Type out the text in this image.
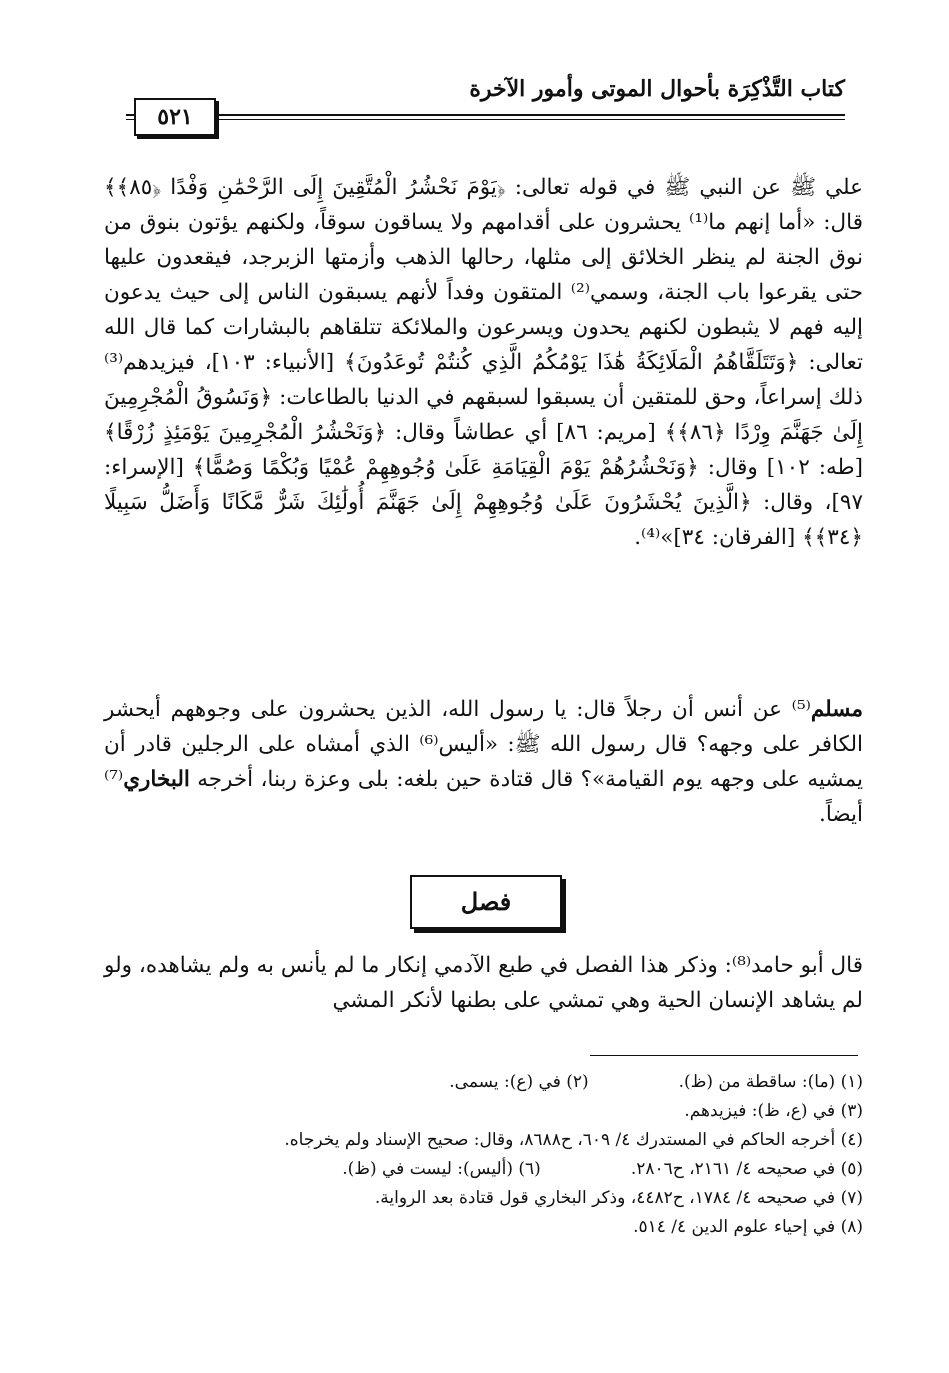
كتاب التَّذْكِرَة بأحوال الموتى وأمور الآخرة
٥٢١
علي ﷺ عن النبي ﷺ في قوله تعالى: ﴿يَوْمَ نَحْشُرُ الْمُتَّقِينَ إِلَى الرَّحْمَٰنِ وَفْدًا ﴿٨٥﴾﴾ قال: «أما إنهم ما⁽¹⁾ يحشرون على أقدامهم ولا يساقون سوقاً، ولكنهم يؤتون بنوق من نوق الجنة لم ينظر الخلائق إلى مثلها، رحالها الذهب وأزمتها الزبرجد، فيقعدون عليها حتى يقرعوا باب الجنة، وسمي⁽²⁾ المتقون وفداً لأنهم يسبقون الناس إلى حيث يدعون إليه فهم لا يثبطون لكنهم يحدون ويسرعون والملائكة تتلقاهم بالبشارات كما قال الله تعالى: ﴿وَتَتَلَقَّاهُمُ الْمَلَائِكَةُ هَٰذَا يَوْمُكُمُ الَّذِي كُنتُمْ تُوعَدُونَ﴾ [الأنبياء: ١٠٣]، فيزيدهم⁽³⁾ ذلك إسراعاً، وحق للمتقين أن يسبقوا لسبقهم في الدنيا بالطاعات: ﴿وَنَسُوقُ الْمُجْرِمِينَ إِلَىٰ جَهَنَّمَ وِرْدًا ﴿٨٦﴾﴾ [مريم: ٨٦] أي عطاشاً وقال: ﴿وَنَحْشُرُ الْمُجْرِمِينَ يَوْمَئِذٍ زُرْقًا﴾ [طه: ١٠٢] وقال: ﴿وَنَحْشُرُهُمْ يَوْمَ الْقِيَامَةِ عَلَىٰ وُجُوهِهِمْ عُمْيًا وَبُكْمًا وَصُمًّا﴾ [الإسراء: ٩٧]، وقال: ﴿الَّذِينَ يُحْشَرُونَ عَلَىٰ وُجُوهِهِمْ إِلَىٰ جَهَنَّمَ أُولَٰئِكَ شَرٌّ مَّكَانًا وَأَضَلُّ سَبِيلًا ﴿٣٤﴾﴾ [الفرقان: ٣٤]»⁽⁴⁾.
مسلم⁽⁵⁾ عن أنس أن رجلاً قال: يا رسول الله، الذين يحشرون على وجوههم أيحشر الكافر على وجهه؟ قال رسول الله ﷺ: «أليس⁽⁶⁾ الذي أمشاه على الرجلين قادر أن يمشيه على وجهه يوم القيامة»؟ قال قتادة حين بلغه: بلى وعزة ربنا، أخرجه البخاري⁽⁷⁾ أيضاً.
فصل
قال أبو حامد⁽⁸⁾: وذكر هذا الفصل في طبع الآدمي إنكار ما لم يأنس به ولم يشاهده، ولو لم يشاهد الإنسان الحية وهي تمشي على بطنها لأنكر المشي
(١) (ما): ساقطة من (ظ).
(٢) في (ع): يسمى.
(٣) في (ع، ظ): فيزيدهم.
(٤) أخرجه الحاكم في المستدرك ٤/ ٦٠٩، ح٨٦٨٨، وقال: صحيح الإسناد ولم يخرجاه.
(٥) في صحيحه ٤/ ٢١٦١، ح٢٨٠٦.
(٦) (أليس): ليست في (ظ).
(٧) في صحيحه ٤/ ١٧٨٤، ح٤٤٨٢، وذكر البخاري قول قتادة بعد الرواية.
(٨) في إحياء علوم الدين ٤/ ٥١٤.
